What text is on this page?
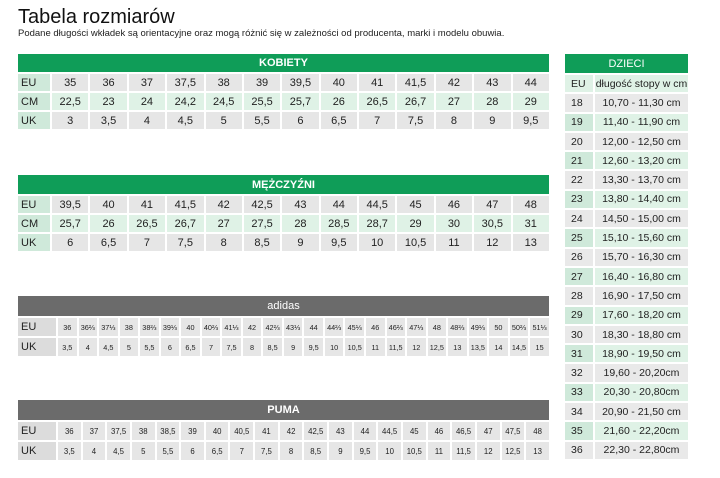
Tabela rozmiarów
Podane długości wkładek są orientacyjne oraz mogą różnić się w zależności od producenta, marki i modelu obuwia.
KOBIETY													
EU	35	36	37	37,5	38	39	39,5	40	41	41,5	42	43	44
CM	22,5	23	24	24,2	24,5	25,5	25,7	26	26,5	26,7	27	28	29
UK	3	3,5	4	4,5	5	5,5	6	6,5	7	7,5	8	9	9,5
MĘŻCZYŹNI													
EU	39,5	40	41	41,5	42	42,5	43	44	44,5	45	46	47	48
CM	25,7	26	26,5	26,7	27	27,5	28	28,5	28,7	29	30	30,5	31
UK	6	6,5	7	7,5	8	8,5	9	9,5	10	10,5	11	12	13
adidas																								
EU	36	36⅔	37⅓	38	38⅔	39⅓	40	40⅔	41⅓	42	42⅔	43⅓	44	44⅔	45⅓	46	46⅔	47⅓	48	48⅔	49⅓	50	50⅔	51⅓
UK	3,5	4	4,5	5	5,5	6	6,5	7	7,5	8	8,5	9	9,5	10	10,5	11	11,5	12	12,5	13	13,5	14	14,5	15
PUMA																				
EU	36	37	37,5	38	38,5	39	40	40,5	41	42	42,5	43	44	44,5	45	46	46,5	47	47,5	48
UK	3,5	4	4,5	5	5,5	6	6,5	7	7,5	8	8,5	9	9,5	10	10,5	11	11,5	12	12,5	13
DZIECI	
EU	długość stopy w cm
18	10,70 - 11,30 cm
19	11,40 - 11,90 cm
20	12,00 - 12,50 cm
21	12,60 - 13,20 cm
22	13,30 - 13,70 cm
23	13,80 - 14,40 cm
24	14,50 - 15,00 cm
25	15,10 - 15,60 cm
26	15,70 - 16,30 cm
27	16,40 - 16,80 cm
28	16,90 - 17,50 cm
29	17,60 - 18,20 cm
30	18,30 - 18,80 cm
31	18,90 - 19,50 cm
32	19,60 - 20,20cm
33	20,30 - 20,80cm
34	20,90 - 21,50 cm
35	21,60 - 22,20cm
36	22,30 - 22,80cm
